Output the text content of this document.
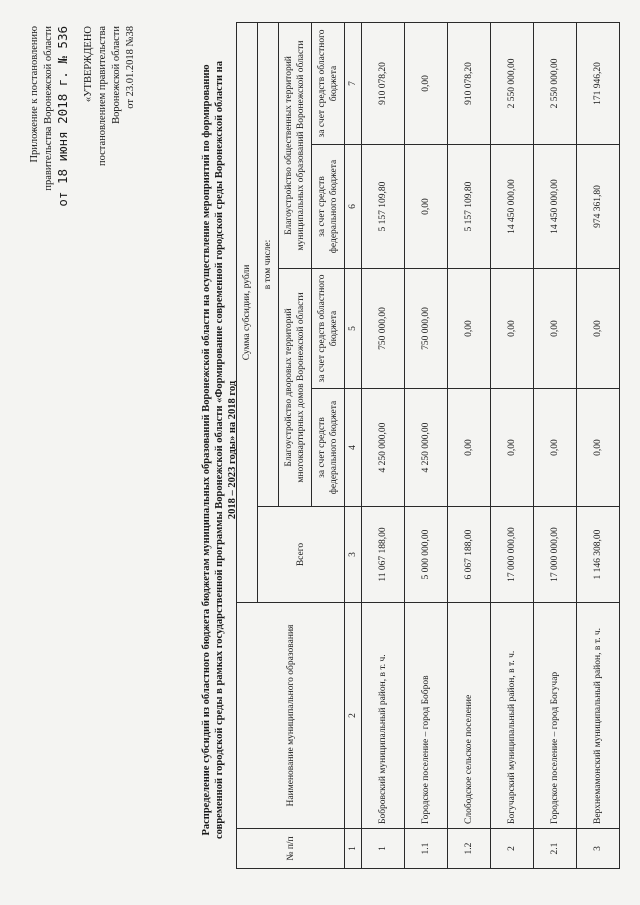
Приложение к постановлению правительства Воронежской области от 18 июня 2018 г. № 536 «УТВЕРЖДЕНО постановлением правительства Воронежской области от 23.01.2018 №38	Распределение субсидий из областного бюджета бюджетам муниципальных образований Воронежской области на осуществление мероприятий по формированию современной городской среды в рамках государственной программы Воронежской области «Формирование современной городской среды Воронежской области на 2018 – 2023 годы» на 2018 год
№ п/п	Наименование муниципального образования	Сумма субсидии, рубли				
		Всего	в том числе:			
			Благоустройство дворовых территорий многоквартирных домов Воронежской области		Благоустройство общественных территорий муниципальных образований Воронежской области	
			за счет средств федерального бюджета	за счет средств областного бюджета	за счет средств федерального бюджета	за счет средств областного бюджета
1	2	3	4	5	6	7
1	Бобровский муниципальный район, в т. ч.	11 067 188,00	4 250 000,00	750 000,00	5 157 109,80	910 078,20
1.1	Городское поселение – город Бобров	5 000 000,00	4 250 000,00	750 000,00	0,00	0,00
1.2	Слободское сельское поселение	6 067 188,00	0,00	0,00	5 157 109,80	910 078,20
2	Богучарский муниципальный район, в т. ч.	17 000 000,00	0,00	0,00	14 450 000,00	2 550 000,00
2.1	Городское поселение – город Богучар	17 000 000,00	0,00	0,00	14 450 000,00	2 550 000,00
3	Верхнемамонский муниципальный район, в т. ч.	1 146 308,00	0,00	0,00	974 361,80	171 946,20
